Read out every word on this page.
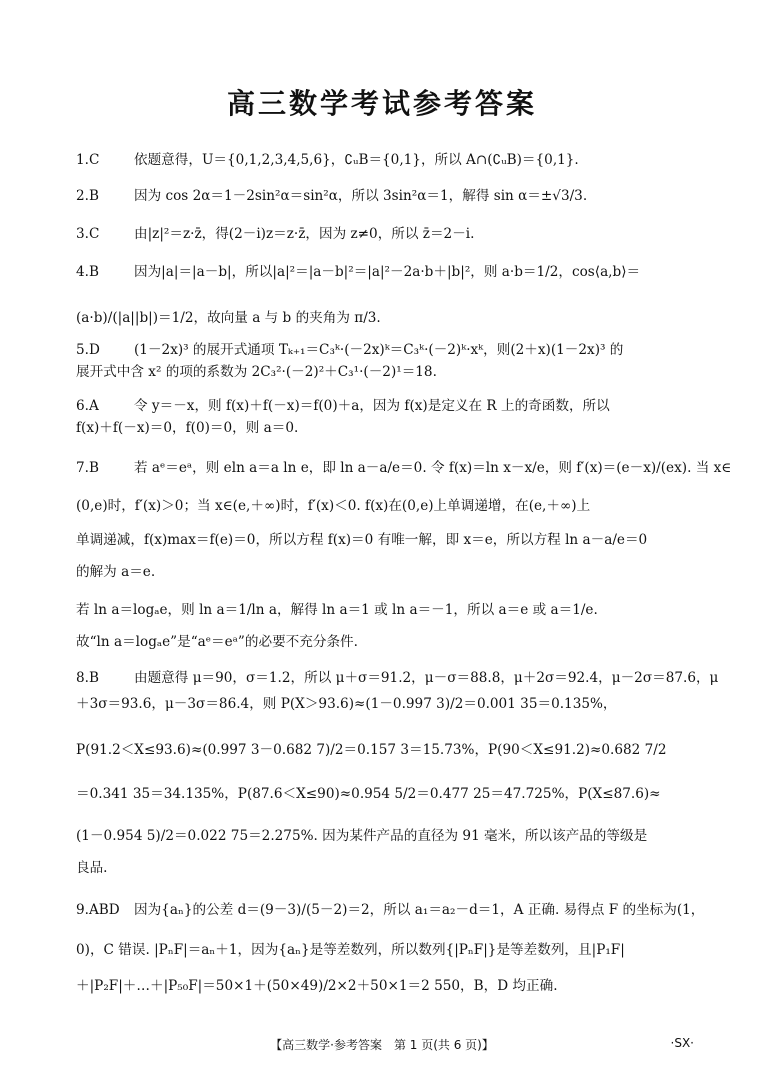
高三数学考试参考答案
1.C	依题意得，U＝{0,1,2,3,4,5,6}，∁ᵤB＝{0,1}，所以 A∩(∁ᵤB)＝{0,1}.
2.B	因为 cos 2α＝1－2sin²α＝sin²α，所以 3sin²α＝1，解得 sin α＝±√3/3.
3.C	由|z|²＝z·z̄，得(2－i)z＝z·z̄，因为 z≠0，所以 z̄＝2－i.
4.B	因为|a|＝|a－b|，所以|a|²＝|a－b|²＝|a|²－2a·b＋|b|²，则 a·b＝1/2，cos⟨a,b⟩＝
(a·b)/(|a||b|)＝1/2，故向量 a 与 b 的夹角为 π/3.
5.D	(1－2x)³ 的展开式通项 Tₖ₊₁＝C₃ᵏ·(－2x)ᵏ＝C₃ᵏ·(－2)ᵏ·xᵏ，则(2＋x)(1－2x)³ 的
展开式中含 x² 的项的系数为 2C₃²·(－2)²＋C₃¹·(－2)¹＝18.
6.A	令 y＝－x，则 f(x)＋f(－x)＝f(0)＋a，因为 f(x)是定义在 R 上的奇函数，所以
f(x)＋f(－x)＝0，f(0)＝0，则 a＝0.
7.B	若 aᵉ＝eᵃ，则 eln a＝a ln e，即 ln a－a/e＝0. 令 f(x)＝ln x－x/e，则 f′(x)＝(e－x)/(ex). 当 x∈
(0,e)时，f′(x)＞0；当 x∈(e,＋∞)时，f′(x)＜0. f(x)在(0,e)上单调递增，在(e,＋∞)上
单调递减，f(x)max＝f(e)＝0，所以方程 f(x)＝0 有唯一解，即 x＝e，所以方程 ln a－a/e＝0
的解为 a＝e.
若 ln a＝logₐe，则 ln a＝1/ln a，解得 ln a＝1 或 ln a＝－1，所以 a＝e 或 a＝1/e.
故“ln a＝logₐe”是“aᵉ＝eᵃ”的必要不充分条件.
8.B	由题意得 μ＝90，σ＝1.2，所以 μ＋σ＝91.2，μ－σ＝88.8，μ＋2σ＝92.4，μ－2σ＝87.6，μ
＋3σ＝93.6，μ－3σ＝86.4，则 P(X＞93.6)≈(1－0.997 3)/2＝0.001 35＝0.135%，
P(91.2＜X≤93.6)≈(0.997 3－0.682 7)/2＝0.157 3＝15.73%，P(90＜X≤91.2)≈0.682 7/2
＝0.341 35＝34.135%，P(87.6＜X≤90)≈0.954 5/2＝0.477 25＝47.725%，P(X≤87.6)≈
(1－0.954 5)/2＝0.022 75＝2.275%. 因为某件产品的直径为 91 毫米，所以该产品的等级是
良品.
9.ABD 因为{aₙ}的公差 d＝(9－3)/(5－2)＝2，所以 a₁＝a₂－d＝1，A 正确. 易得点 F 的坐标为(1，
0)，C 错误. |PₙF|＝aₙ＋1，因为{aₙ}是等差数列，所以数列{|PₙF|}是等差数列，且|P₁F|
＋|P₂F|＋…＋|P₅₀F|＝50×1＋(50×49)/2×2＋50×1＝2 550，B，D 均正确.
【高三数学·参考答案　第 1 页(共 6 页)】	·SX·
